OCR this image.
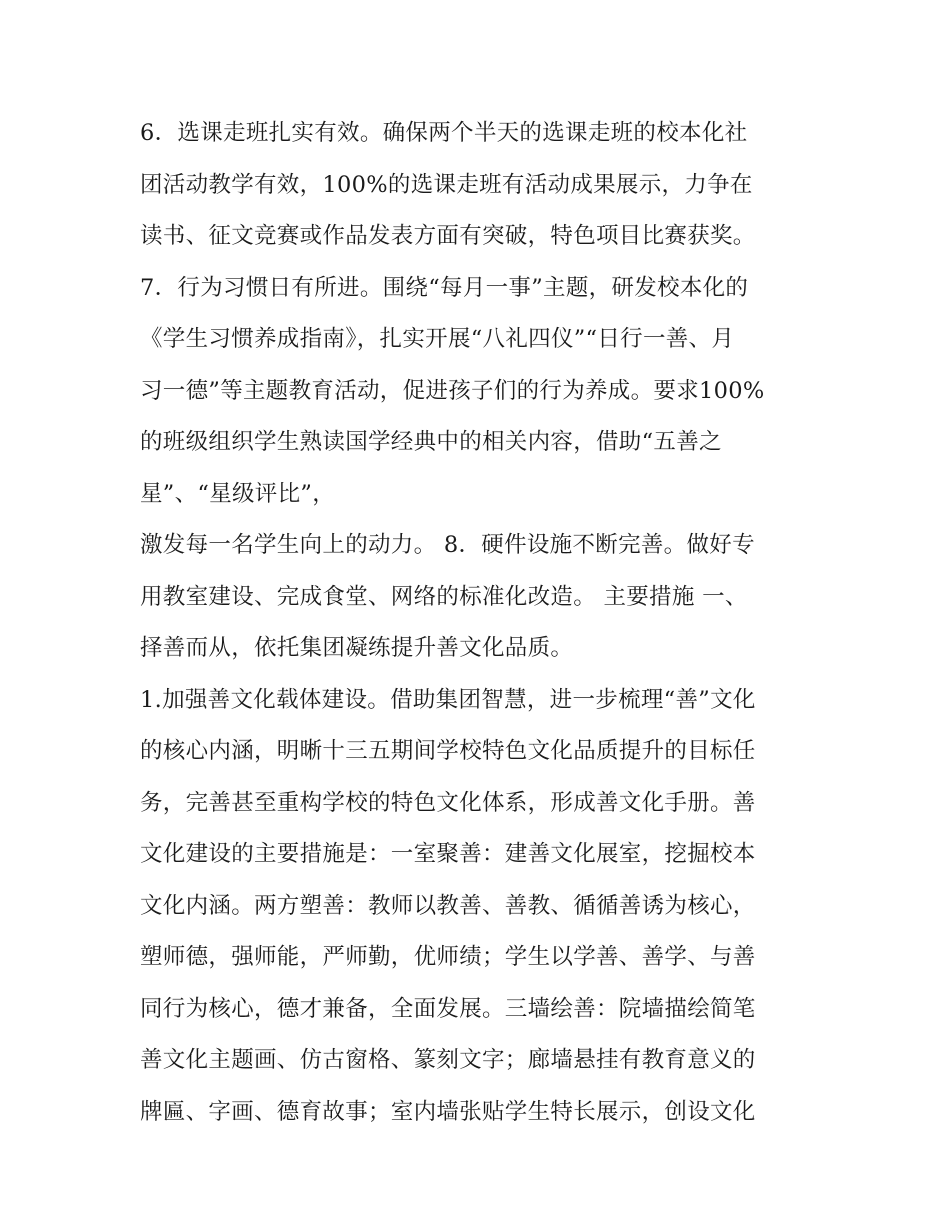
6．选课走班扎实有效。确保两个半天的选课走班的校本化社
团活动教学有效，100%的选课走班有活动成果展示，力争在
读书、征文竞赛或作品发表方面有突破，特色项目比赛获奖。
7．行为习惯日有所进。围绕“每月一事”主题，研发校本化的
《学生习惯养成指南》，扎实开展“八礼四仪”“日行一善、月
习一德”等主题教育活动，促进孩子们的行为养成。要求100%
的班级组织学生熟读国学经典中的相关内容，借助“五善之
星”、“星级评比”，
激发每一名学生向上的动力。 8．硬件设施不断完善。做好专
用教室建设、完成食堂、网络的标准化改造。 主要措施 一、
择善而从，依托集团凝练提升善文化品质。
1.加强善文化载体建设。借助集团智慧，进一步梳理“善”文化
的核心内涵，明晰十三五期间学校特色文化品质提升的目标任
务，完善甚至重构学校的特色文化体系，形成善文化手册。善
文化建设的主要措施是：一室聚善：建善文化展室，挖掘校本
文化内涵。两方塑善：教师以教善、善教、循循善诱为核心，
塑师德，强师能，严师勤，优师绩；学生以学善、善学、与善
同行为核心，德才兼备，全面发展。三墙绘善：院墙描绘简笔
善文化主题画、仿古窗格、篆刻文字；廊墙悬挂有教育意义的
牌匾、字画、德育故事；室内墙张贴学生特长展示，创设文化
